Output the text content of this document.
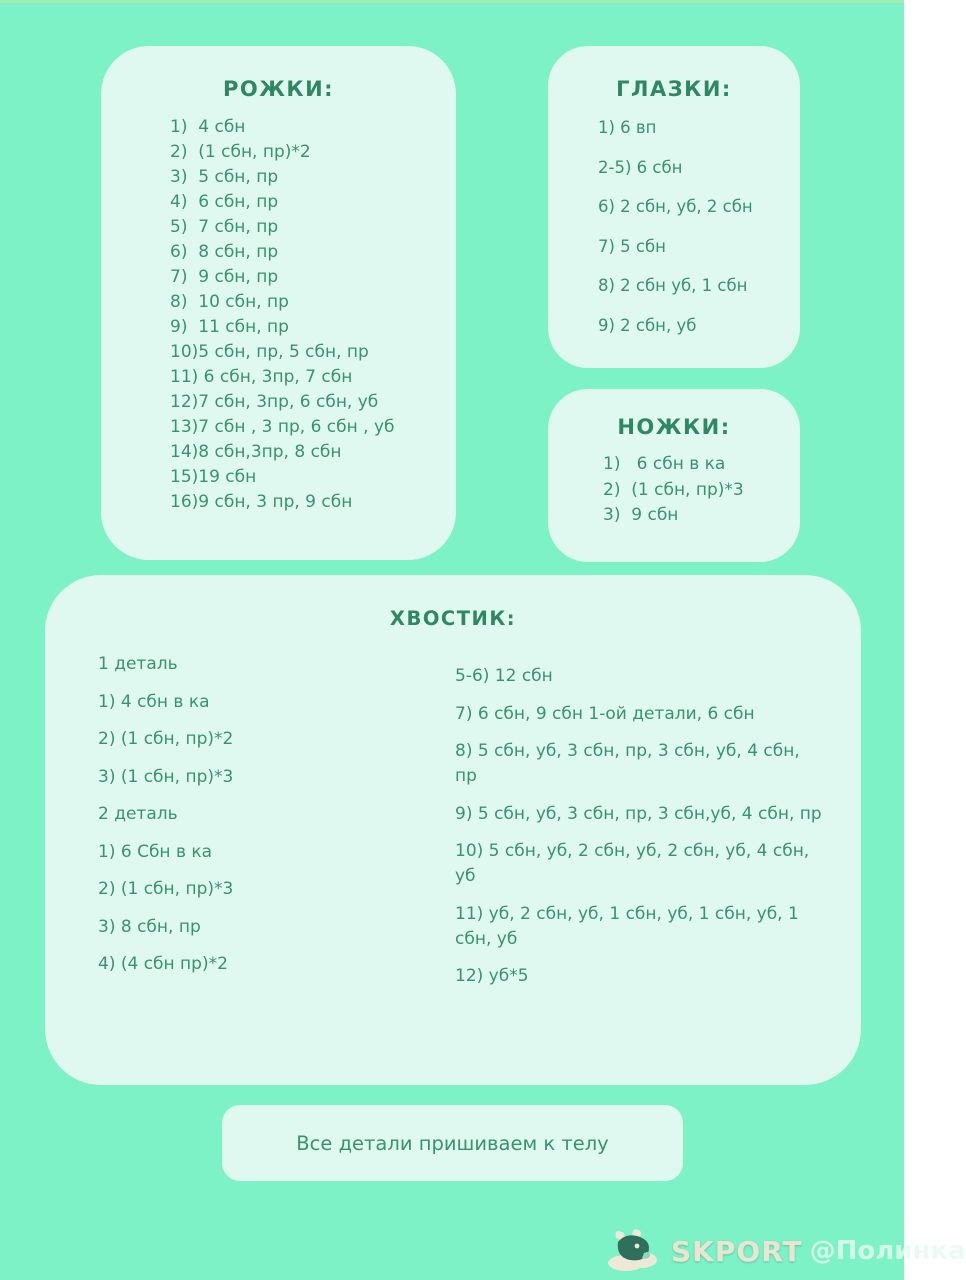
РОЖКИ:
1)  4 сбн
2)  (1 сбн, пр)*2
3)  5 сбн, пр
4)  6 сбн, пр
5)  7 сбн, пр
6)  8 сбн, пр
7)  9 сбн, пр
8)  10 сбн, пр
9)  11 сбн, пр
10)5 сбн, пр, 5 сбн, пр
11) 6 сбн, 3пр, 7 сбн
12)7 сбн, 3пр, 6 сбн, уб
13)7 сбн , 3 пр, 6 сбн , уб
14)8 сбн,3пр, 8 сбн
15)19 сбн
16)9 сбн, 3 пр, 9 сбн
ГЛАЗКИ:
1) 6 вп
2-5) 6 сбн
6) 2 сбн, уб, 2 сбн
7) 5 сбн
8) 2 сбн уб, 1 сбн
9) 2 сбн, уб
НОЖКИ:
1)   6 сбн в ка
2)  (1 сбн, пр)*3
3)  9 сбн
ХВОСТИК:
1 деталь
1) 4 сбн в ка
2) (1 сбн, пр)*2
3) (1 сбн, пр)*3
2 деталь
1) 6 Сбн в ка
2) (1 сбн, пр)*3
3) 8 сбн, пр
4) (4 сбн пр)*2
5-6) 12 сбн
7) 6 сбн, 9 сбн 1-ой детали, 6 сбн
8) 5 сбн, уб, 3 сбн, пр, 3 сбн, уб, 4 сбн,
пр
9) 5 сбн, уб, 3 сбн, пр, 3 сбн,уб, 4 сбн, пр
10) 5 сбн, уб, 2 сбн, уб, 2 сбн, уб, 4 сбн,
уб
11) уб, 2 сбн, уб, 1 сбн, уб, 1 сбн, уб, 1
сбн, уб
12) уб*5
Все детали пришиваем к телу
SKPORT @Полинка
